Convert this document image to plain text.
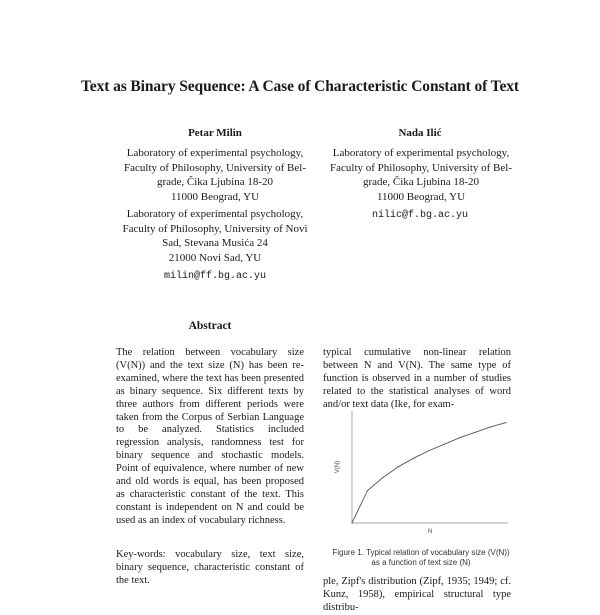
Text as Binary Sequence: A Case of Characteristic Constant of Text
Petar Milin
Laboratory of experimental psychology,
Faculty of Philosophy, University of Bel-
grade, Čika Ljubina 18-20
11000 Beograd, YU
Laboratory of experimental psychology,
Faculty of Philosophy, University of Novi
Sad, Stevana Musića 24
21000 Novi Sad, YU
milin@ff.bg.ac.yu
Nada Ilić
Laboratory of experimental psychology,
Faculty of Philosophy, University of Bel-
grade, Čika Ljubina 18-20
11000 Beograd, YU
nilic@f.bg.ac.yu
Abstract
The relation between vocabulary size (V(N)) and the text size (N) has been re-examined, where the text has been presented as binary sequence. Six different texts by three authors from different periods were taken from the Corpus of Serbian Language to be analyzed. Statistics included regression analysis, randomness test for binary sequence and stochastic models. Point of equivalence, where number of new and old words is equal, has been proposed as characteristic constant of the text. This constant is independent on N and could be used as an index of vocabulary richness.
Key-words: vocabulary size, text size, binary sequence, characteristic constant of the text.
typical cumulative non-linear relation between N and V(N). The same type of function is observed in a number of studies related to the statistical analyses of word and/or text data (Ike, for exam-
N
V(N)
Figure 1. Typical relation of vocabulary size (V(N))
as a function of text size (N)
ple, Zipf's distribution (Zipf, 1935; 1949; cf. Kunz, 1958), empirical structural type distribu-
